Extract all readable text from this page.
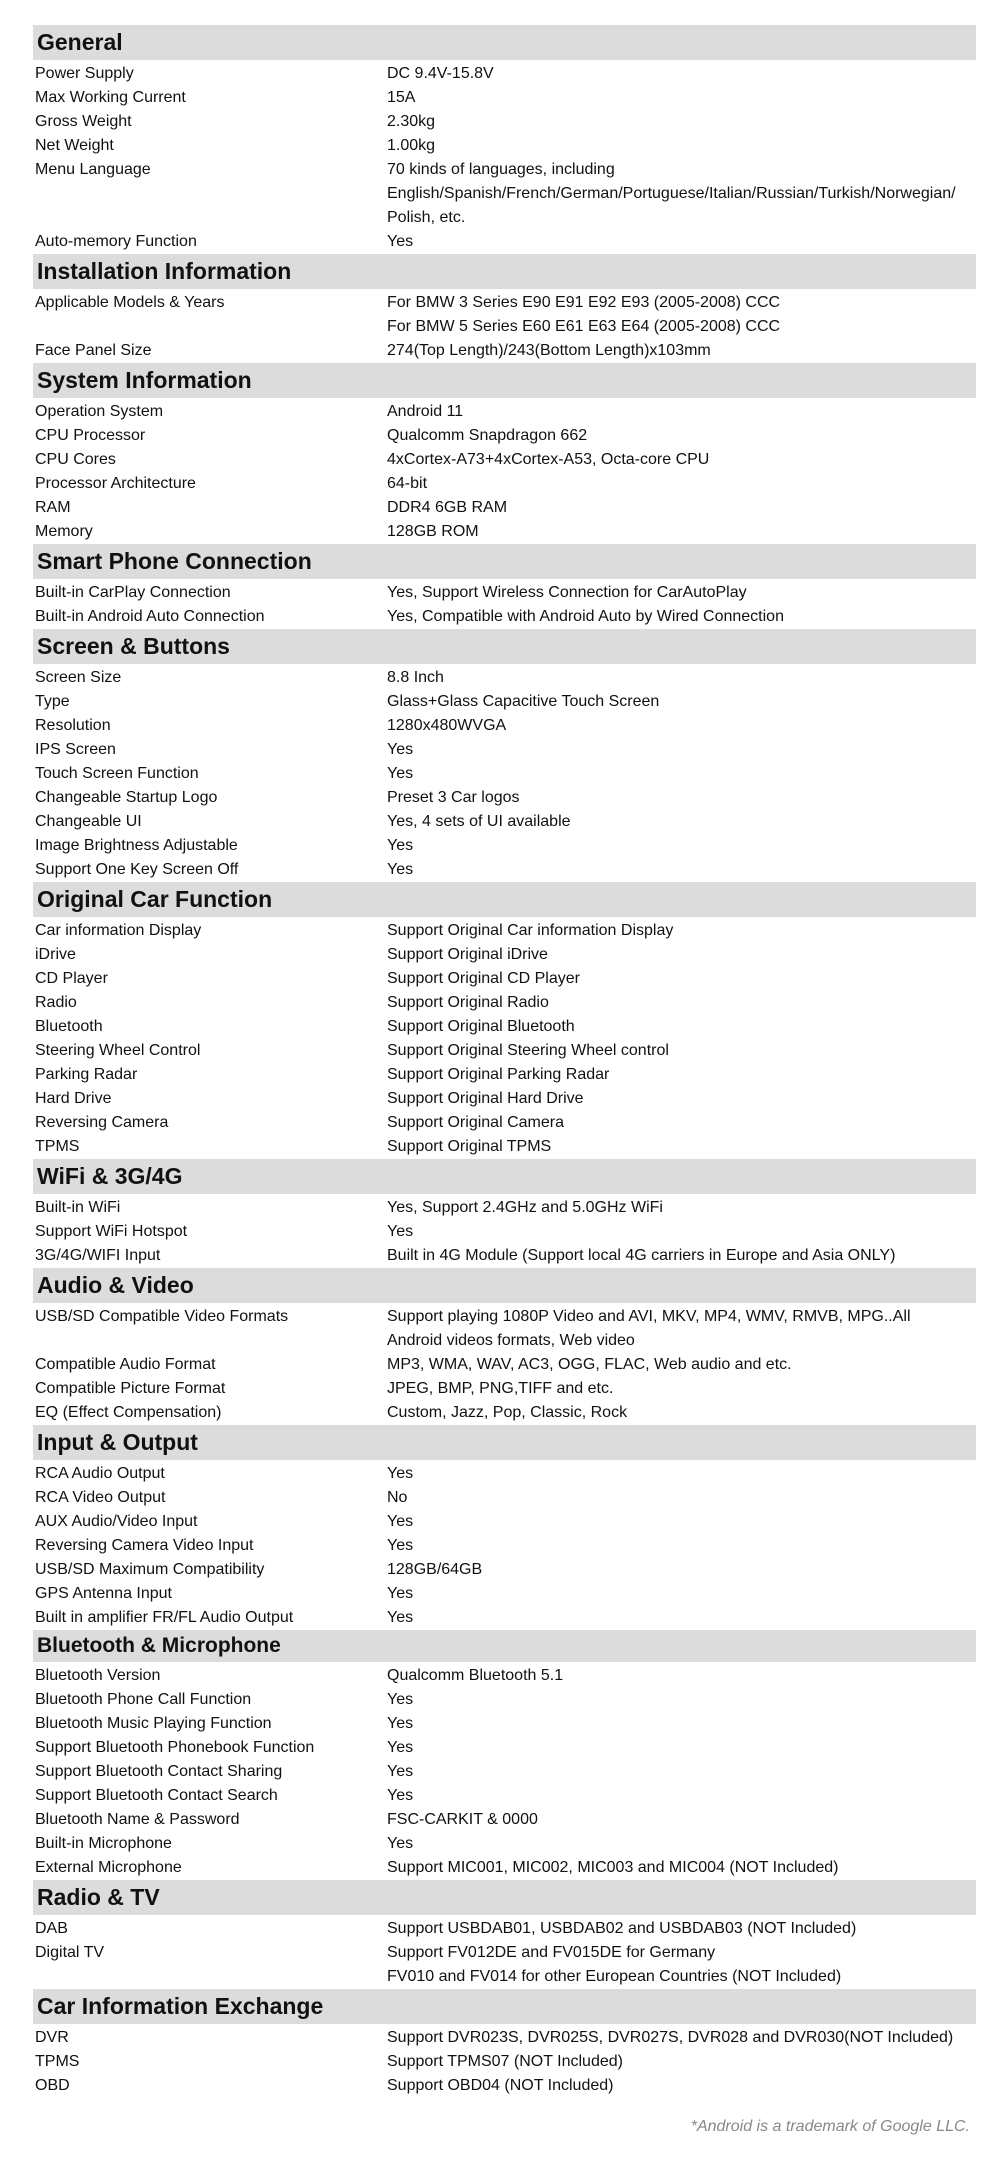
General
Power Supply	DC 9.4V-15.8V
Max Working Current	15A
Gross Weight	2.30kg
Net Weight	1.00kg
Menu Language	70 kinds of languages, including
English/Spanish/French/German/Portuguese/Italian/Russian/Turkish/Norwegian/
Polish, etc.
Auto-memory Function	Yes
Installation Information
Applicable Models & Years	For BMW 3 Series E90 E91 E92 E93 (2005-2008) CCC
For BMW 5 Series E60 E61 E63 E64 (2005-2008) CCC
Face Panel Size	274(Top Length)/243(Bottom Length)x103mm
System Information
Operation System	Android 11
CPU Processor	Qualcomm Snapdragon 662
CPU Cores	4xCortex-A73+4xCortex-A53, Octa-core CPU
Processor Architecture	64-bit
RAM	DDR4 6GB RAM
Memory	128GB ROM
Smart Phone Connection
Built-in CarPlay Connection	Yes, Support Wireless Connection for CarAutoPlay
Built-in Android Auto Connection	Yes, Compatible with Android Auto by Wired Connection
Screen & Buttons
Screen Size	8.8 Inch
Type	Glass+Glass Capacitive Touch Screen
Resolution	1280x480WVGA
IPS Screen	Yes
Touch Screen Function	Yes
Changeable Startup Logo	Preset 3 Car logos
Changeable UI	Yes, 4 sets of UI available
Image Brightness Adjustable	Yes
Support One Key Screen Off	Yes
Original Car Function
Car information Display	Support Original Car information Display
iDrive	Support Original iDrive
CD Player	Support Original CD Player
Radio	Support Original Radio
Bluetooth	Support Original Bluetooth
Steering Wheel Control	Support Original Steering Wheel control
Parking Radar	Support Original Parking Radar
Hard Drive	Support Original Hard Drive
Reversing Camera	Support Original Camera
TPMS	Support Original TPMS
WiFi & 3G/4G
Built-in WiFi	Yes, Support 2.4GHz and 5.0GHz WiFi
Support WiFi Hotspot	Yes
3G/4G/WIFI Input	Built in 4G Module (Support local 4G carriers in Europe and Asia ONLY)
Audio & Video
USB/SD Compatible Video Formats	Support playing 1080P Video and AVI, MKV, MP4, WMV, RMVB, MPG..All
Android videos formats, Web video
Compatible Audio Format	MP3, WMA, WAV, AC3, OGG, FLAC, Web audio and etc.
Compatible Picture Format	JPEG, BMP, PNG,TIFF and etc.
EQ (Effect Compensation)	Custom, Jazz, Pop, Classic, Rock
Input & Output
RCA Audio Output	Yes
RCA Video Output	No
AUX Audio/Video Input	Yes
Reversing Camera Video Input	Yes
USB/SD Maximum Compatibility	128GB/64GB
GPS Antenna Input	Yes
Built in amplifier FR/FL Audio Output	Yes
Bluetooth & Microphone
Bluetooth Version	Qualcomm Bluetooth 5.1
Bluetooth Phone Call Function	Yes
Bluetooth Music Playing Function	Yes
Support Bluetooth Phonebook Function	Yes
Support Bluetooth Contact Sharing	Yes
Support Bluetooth Contact Search	Yes
Bluetooth Name & Password	FSC-CARKIT & 0000
Built-in Microphone	Yes
External Microphone	Support MIC001, MIC002, MIC003 and MIC004 (NOT Included)
Radio & TV
DAB	Support USBDAB01, USBDAB02 and USBDAB03 (NOT Included)
Digital TV	Support FV012DE and FV015DE for Germany
FV010 and FV014 for other European Countries (NOT Included)
Car Information Exchange
DVR	Support DVR023S, DVR025S, DVR027S, DVR028 and DVR030(NOT Included)
TPMS	Support TPMS07 (NOT Included)
OBD	Support OBD04 (NOT Included)
*Android is a trademark of Google LLC.
